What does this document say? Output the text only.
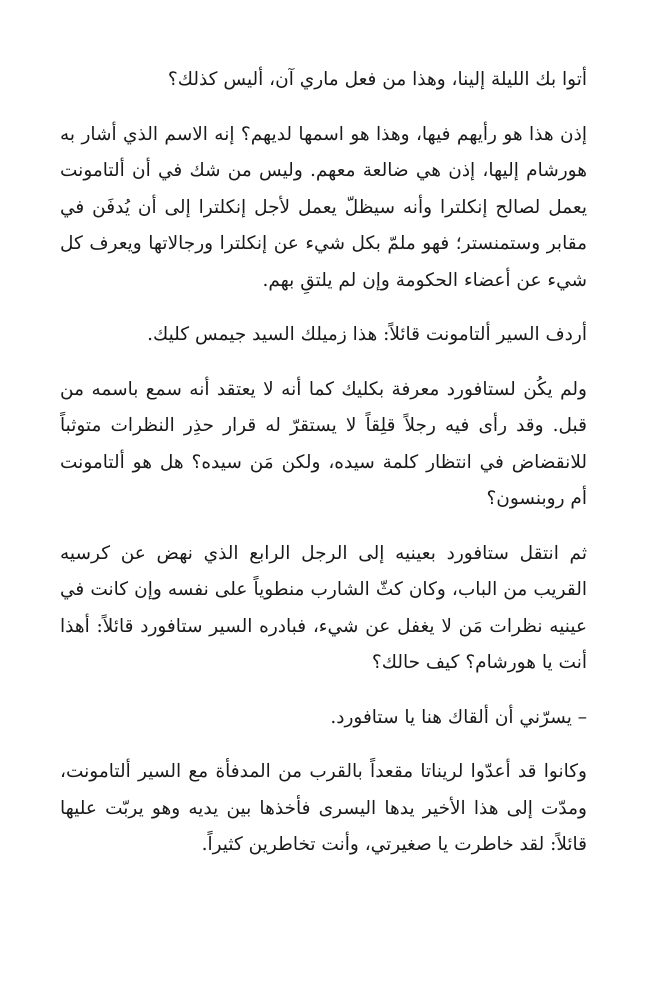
أتوا بك الليلة إلينا، وهذا من فعل ماري آن، أليس كذلك؟

إذن هذا هو رأيهم فيها، وهذا هو اسمها لديهم؟ إنه الاسم الذي أشار به هورشام إليها، إذن هي ضالعة معهم. وليس من شك في أن ألتامونت يعمل لصالح إنكلترا وأنه سيظلّ يعمل لأجل إنكلترا إلى أن يُدفَن في مقابر وستمنستر؛ فهو ملمّ بكل شيء عن إنكلترا ورجالاتها ويعرف كل شيء عن أعضاء الحكومة وإن لم يلتقِ بهم.

أردف السير ألتامونت قائلاً: هذا زميلك السيد جيمس كليك.

ولم يكُن لستافورد معرفة بكليك كما أنه لا يعتقد أنه سمع باسمه من قبل. وقد رأى فيه رجلاً قلِقاً لا يستقرّ له قرار حذِر النظرات متوثباً للانقضاض في انتظار كلمة سيده، ولكن مَن سيده؟ هل هو ألتامونت أم روبنسون؟

ثم انتقل ستافورد بعينيه إلى الرجل الرابع الذي نهض عن كرسيه القريب من الباب، وكان كثّ الشارب منطوياً على نفسه وإن كانت في عينيه نظرات مَن لا يغفل عن شيء، فبادره السير ستافورد قائلاً: أهذا أنت يا هورشام؟ كيف حالك؟

– يسرّني أن ألقاك هنا يا ستافورد.

وكانوا قد أعدّوا لريناتا مقعداً بالقرب من المدفأة مع السير ألتامونت، ومدّت إلى هذا الأخير يدها اليسرى فأخذها بين يديه وهو يربّت عليها قائلاً: لقد خاطرت يا صغيرتي، وأنت تخاطرين كثيراً.
